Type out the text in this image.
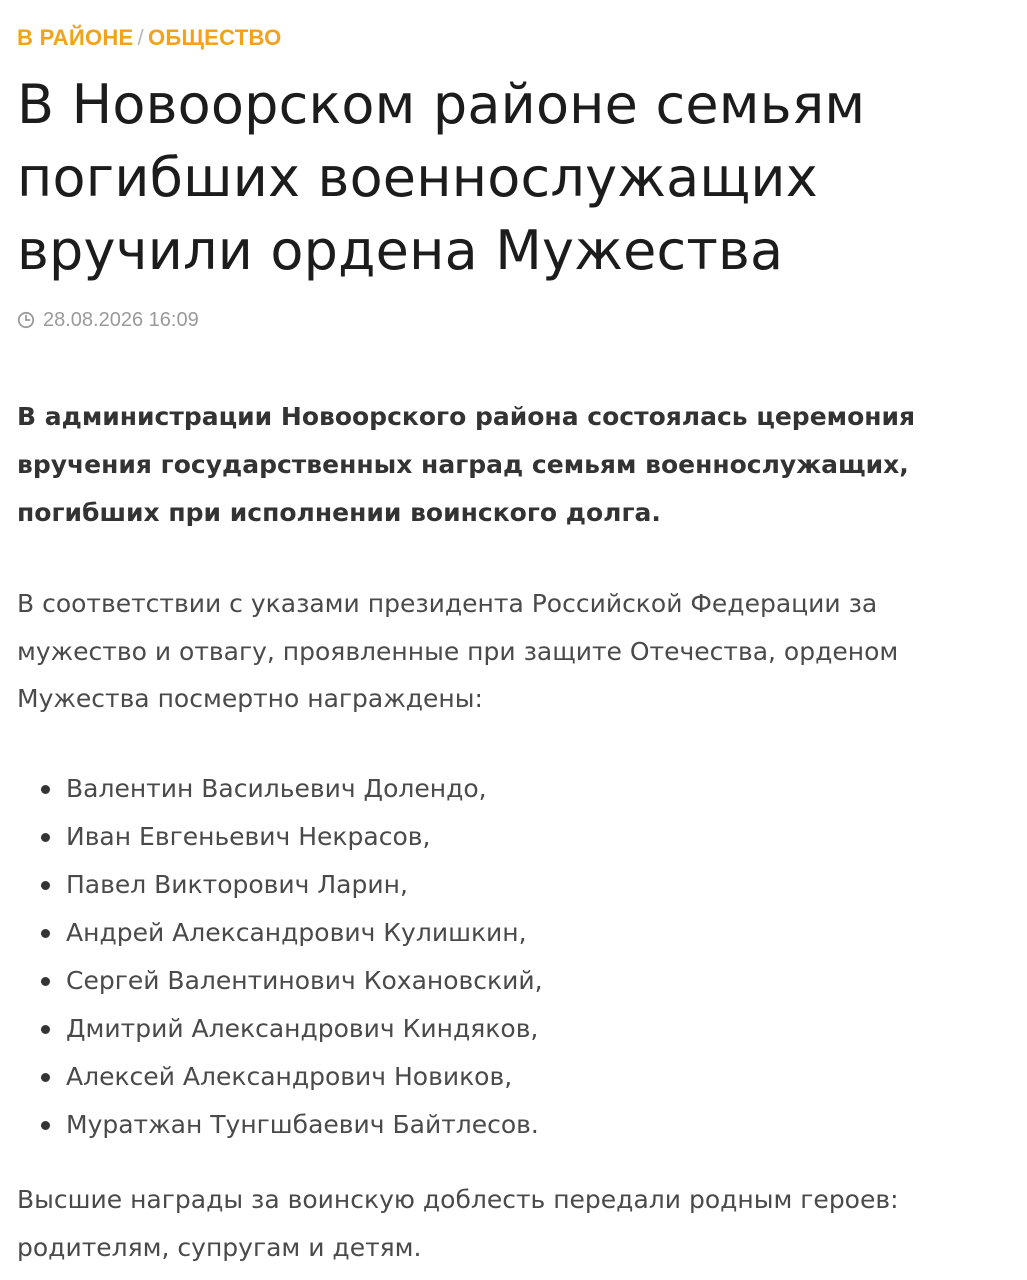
В РАЙОНЕ / ОБЩЕСТВО
В Новоорском районе семьям погибших военнослужащих вручили ордена Мужества
28.08.2026 16:09

В администрации Новоорского района состоялась церемония вручения государственных наград семьям военнослужащих, погибших при исполнении воинского долга.

В соответствии с указами президента Российской Федерации за мужество и отвагу, проявленные при защите Отечества, орденом Мужества посмертно награждены:

Валентин Васильевич Долендо,
Иван Евгеньевич Некрасов,
Павел Викторович Ларин,
Андрей Александрович Кулишкин,
Сергей Валентинович Кохановский,
Дмитрий Александрович Киндяков,
Алексей Александрович Новиков,
Муратжан Тунгшбаевич Байтлесов.

Высшие награды за воинскую доблесть передали родным героев: родителям, супругам и детям.
